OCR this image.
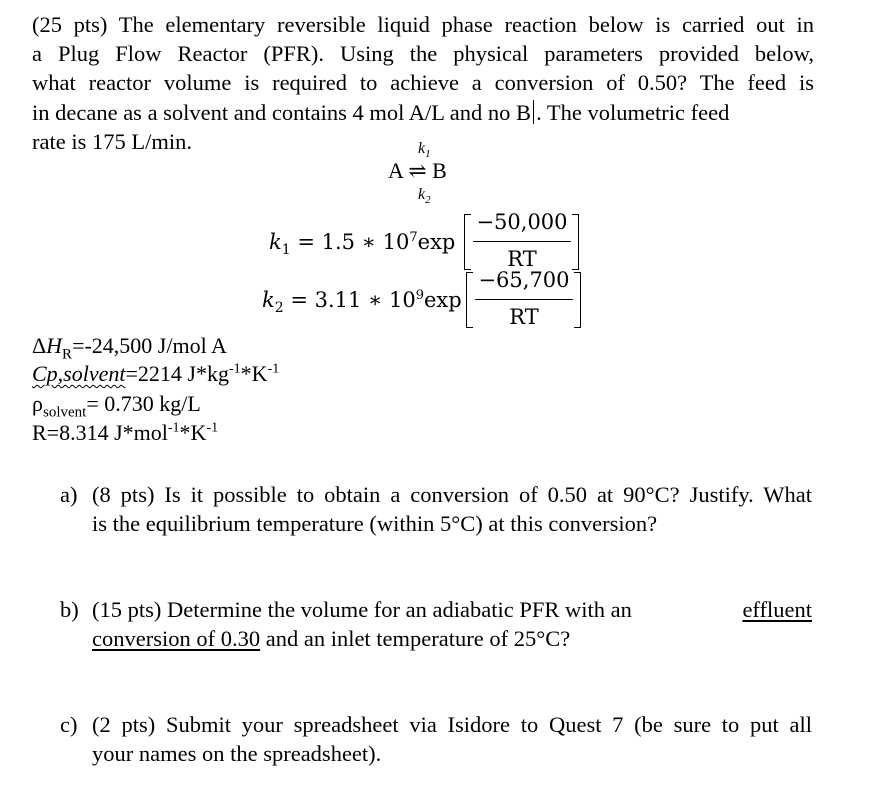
(25 pts) The elementary reversible liquid phase reaction below is carried out in
a Plug Flow Reactor (PFR). Using the physical parameters provided below,
what reactor volume is required to achieve a conversion of 0.50? The feed is
in decane as a solvent and contains 4 mol A/L and no B . The volumetric feed
rate is 175 L/min.	$k_1$
A ⇌ B
$k_2$
$k_1 = 1.5$ ∗ $10^7\exp$
−50,000
RT
$k_2 = 3.11$ ∗ $10^9\exp$
−65,700
RT
$\Delta H_R=-24,500$ J/mol A
Cp,solvent=2214 $J*kg^{-1}*K^{-1}$
$\rho_{solvent}= 0.730$ kg/L
R=8.314 $J*mol^{-1}*K^{-1}$
a) (8 pts) Is it possible to obtain a conversion of 0.50 at 90°C? Justify. What
is the equilibrium temperature (within 5°C) at this conversion?
b) (15 pts) Determine the volume for an adiabatic PFR with an	effluent
conversion of 0.30 and an inlet temperature of 25°C?
c) (2 pts) Submit your spreadsheet via Isidore to Quest 7 (be sure to put all
your names on the spreadsheet).
